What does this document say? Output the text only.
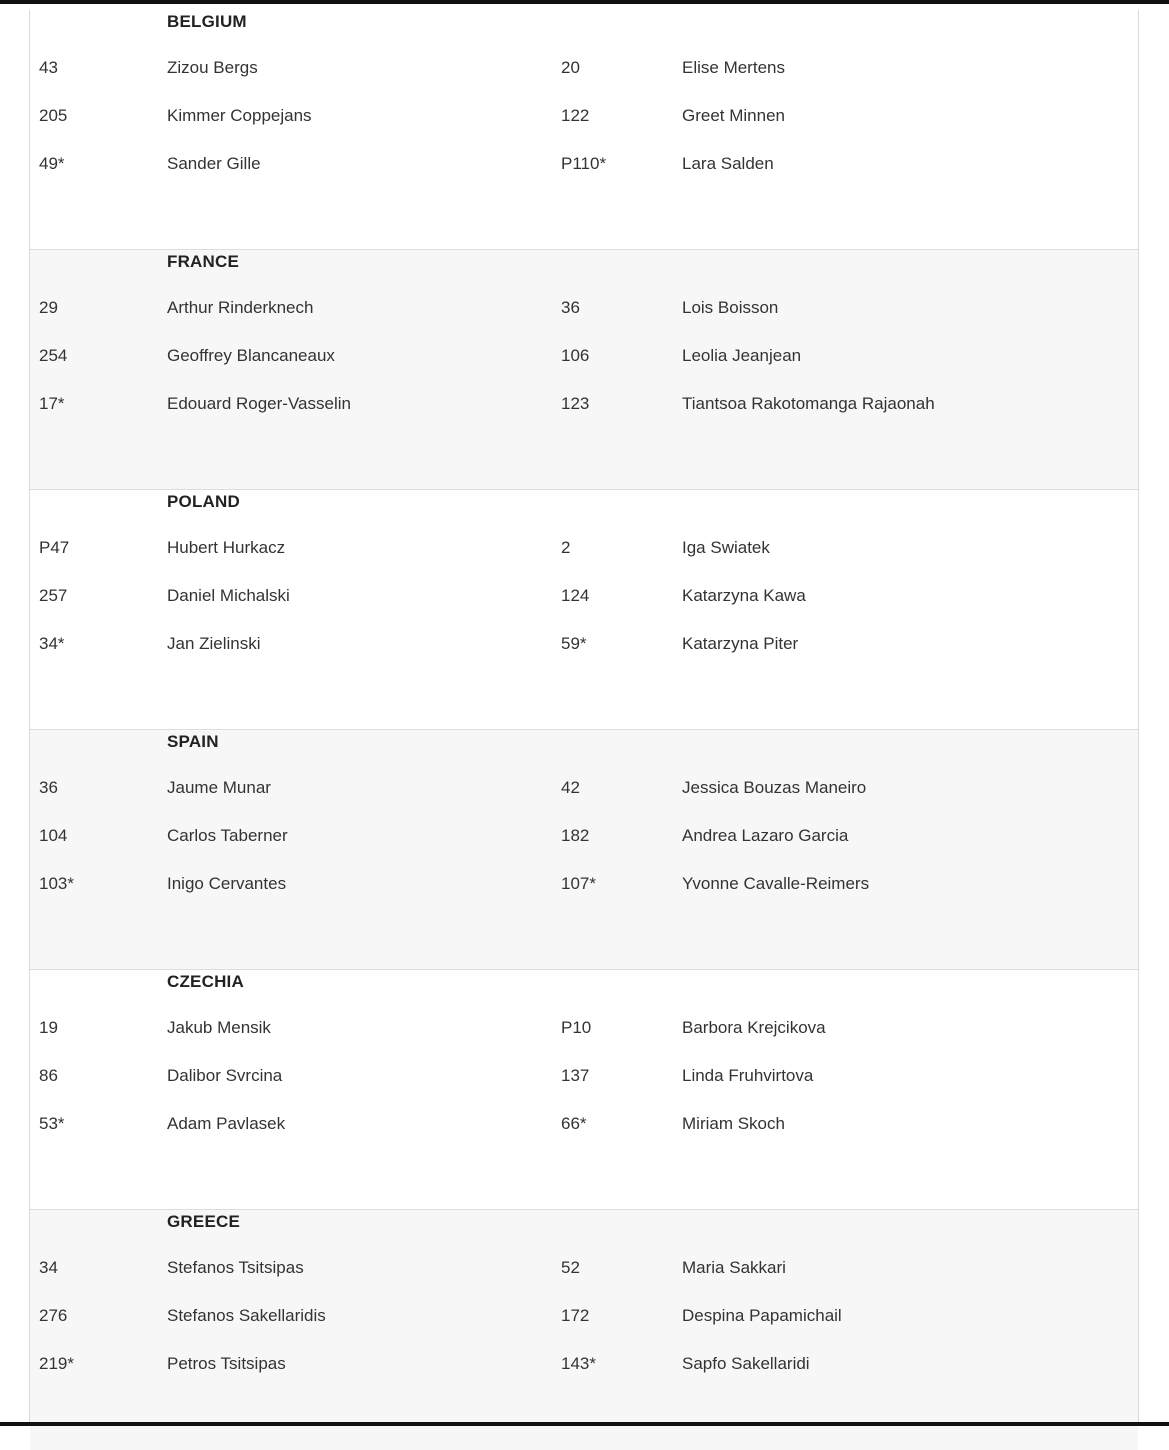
BELGIUM
43	Zizou Bergs	20	Elise Mertens
205	Kimmer Coppejans	122	Greet Minnen
49*	Sander Gille	P110*	Lara Salden
FRANCE
29	Arthur Rinderknech	36	Lois Boisson
254	Geoffrey Blancaneaux	106	Leolia Jeanjean
17*	Edouard Roger-Vasselin	123	Tiantsoa Rakotomanga Rajaonah
POLAND
P47	Hubert Hurkacz	2	Iga Swiatek
257	Daniel Michalski	124	Katarzyna Kawa
34*	Jan Zielinski	59*	Katarzyna Piter
SPAIN
36	Jaume Munar	42	Jessica Bouzas Maneiro
104	Carlos Taberner	182	Andrea Lazaro Garcia
103*	Inigo Cervantes	107*	Yvonne Cavalle-Reimers
CZECHIA
19	Jakub Mensik	P10	Barbora Krejcikova
86	Dalibor Svrcina	137	Linda Fruhvirtova
53*	Adam Pavlasek	66*	Miriam Skoch
GREECE
34	Stefanos Tsitsipas	52	Maria Sakkari
276	Stefanos Sakellaridis	172	Despina Papamichail
219*	Petros Tsitsipas	143*	Sapfo Sakellaridi
